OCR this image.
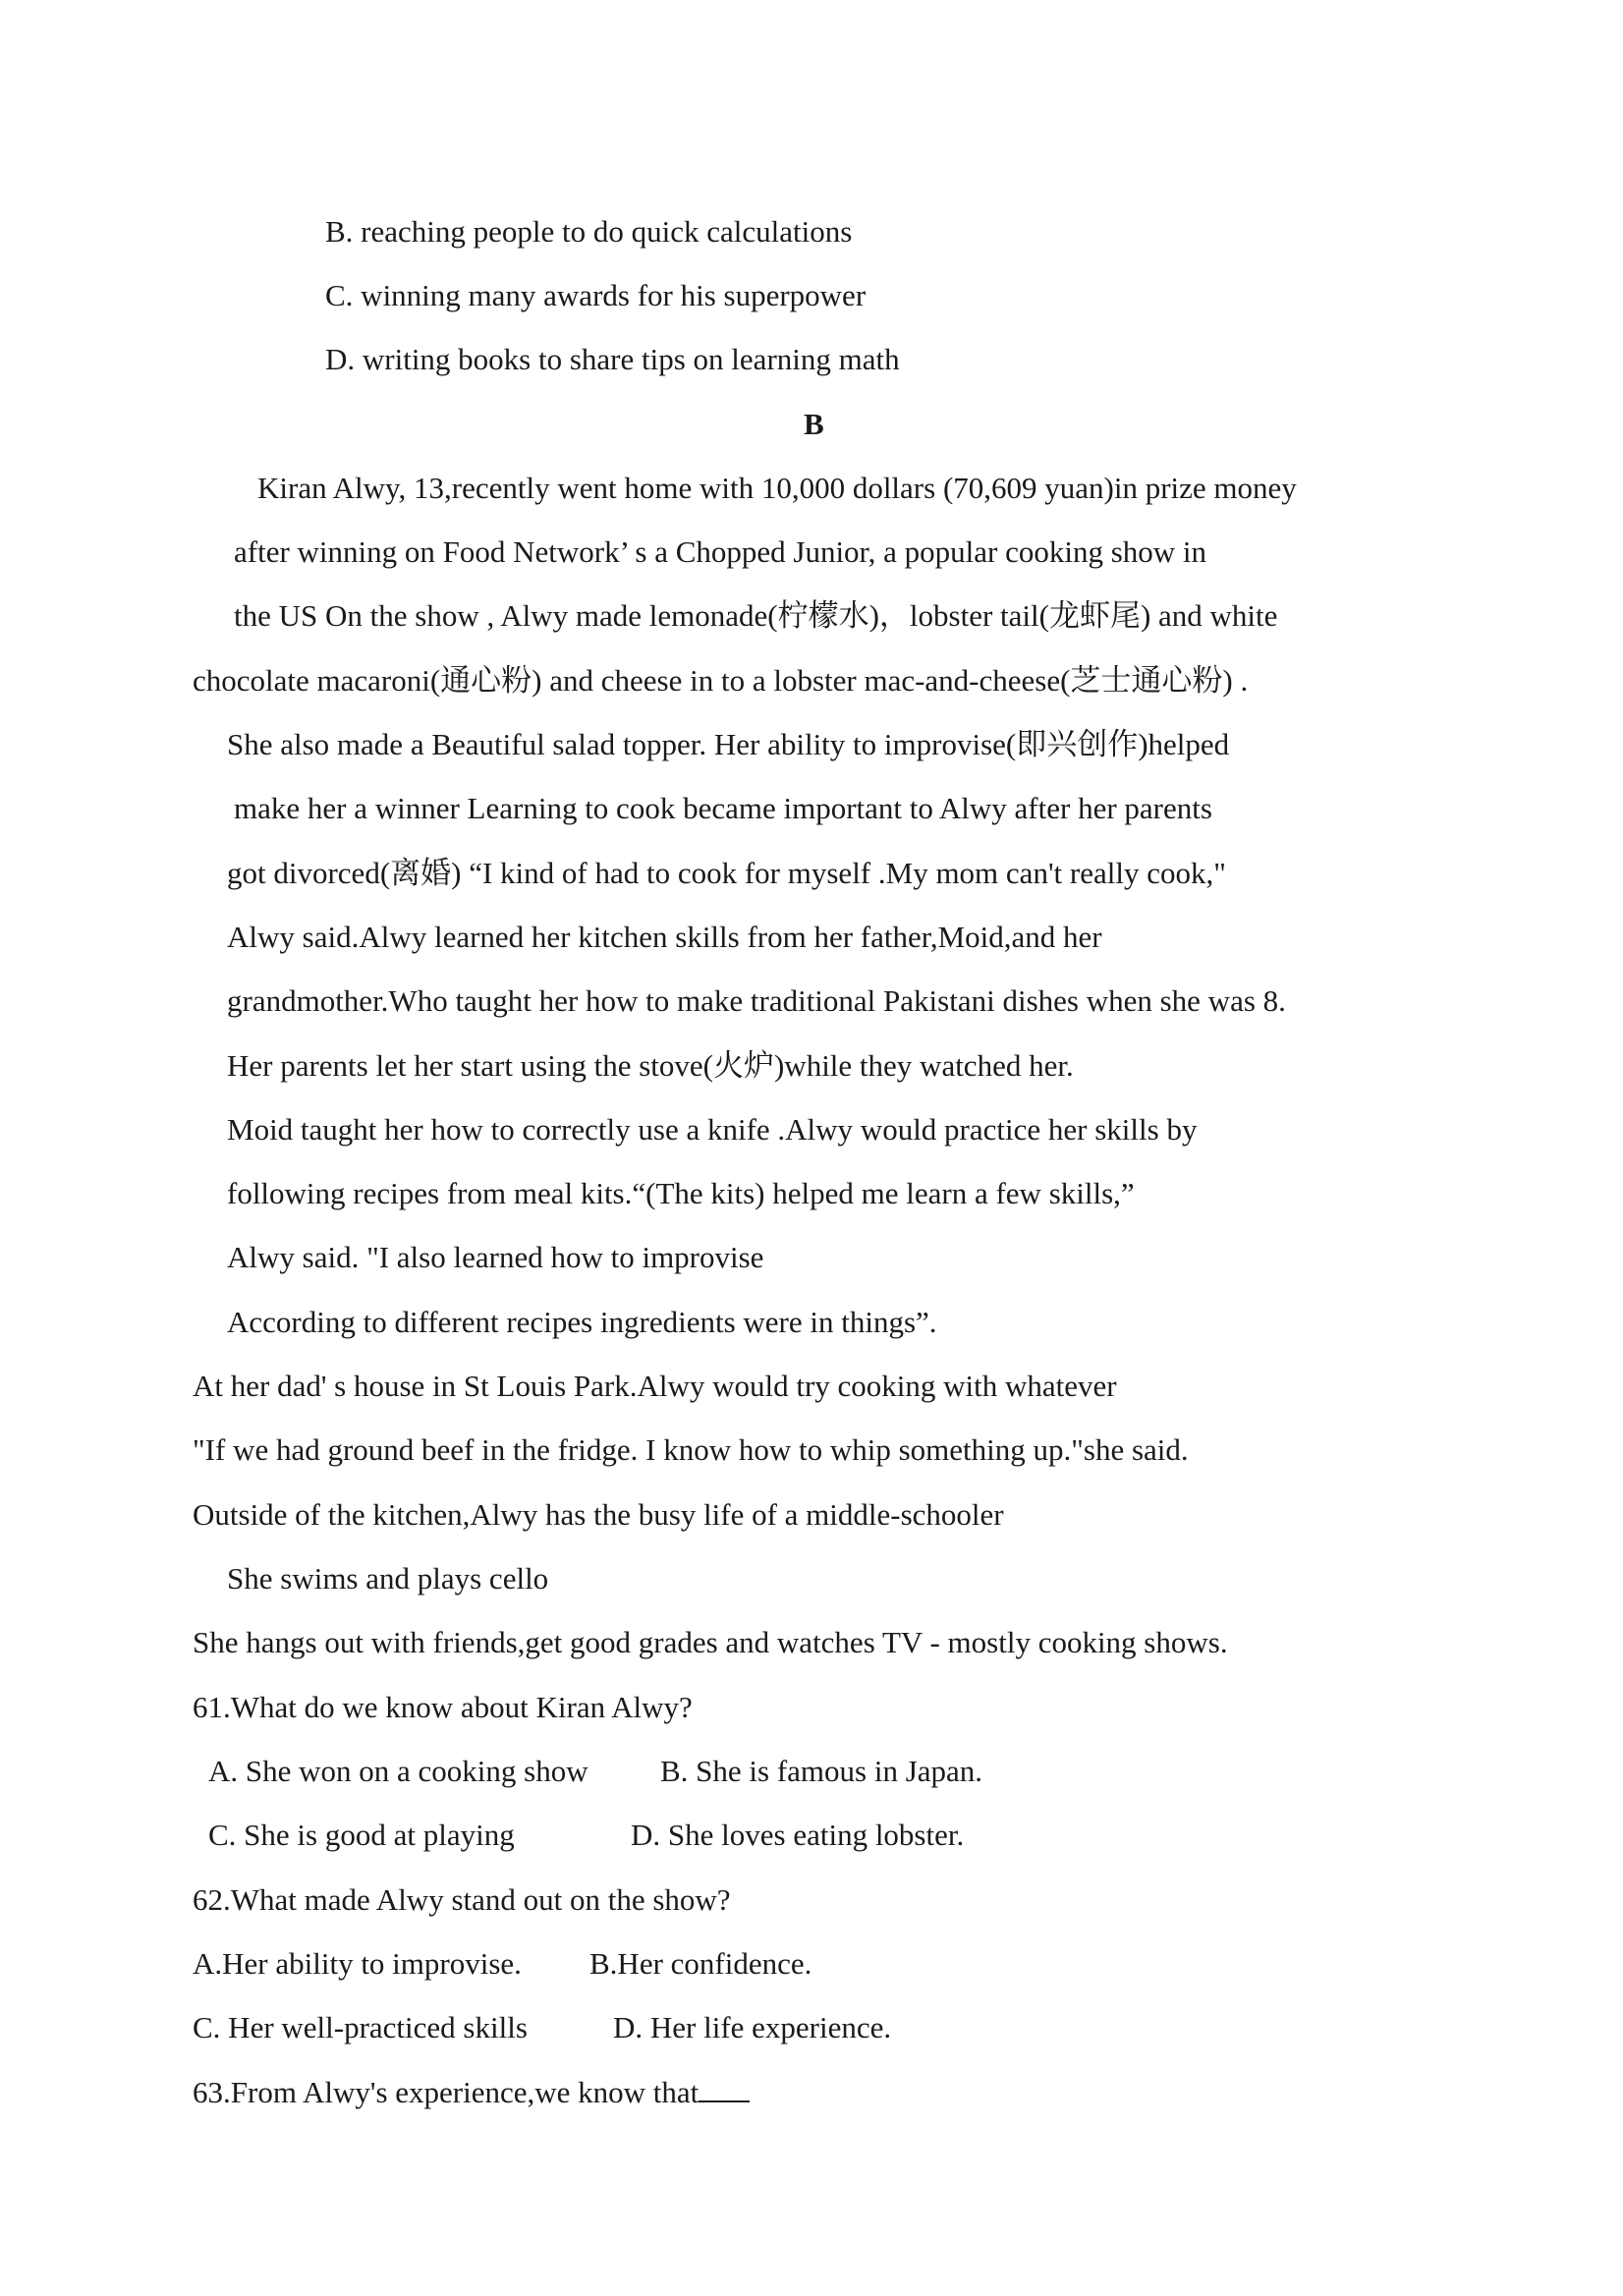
B. reaching people to do quick calculations
C. winning many awards for his superpower
D. writing books to share tips on learning math
B
Kiran Alwy, 13,recently went home with 10,000 dollars (70,609 yuan)in prize money
after winning on Food Network’ s a Chopped Junior, a popular cooking show in
the US On the show , Alwy made lemonade(柠檬水)，lobster tail(龙虾尾) and white
chocolate macaroni(通心粉) and cheese in to a lobster mac-and-cheese(芝士通心粉) .
She also made a Beautiful salad topper. Her ability to improvise(即兴创作)helped
make her a winner Learning to cook became important to Alwy after her parents
got divorced(离婚) “I kind of had to cook for myself .My mom can't really cook,"
Alwy said.Alwy learned her kitchen skills from her father,Moid,and her
grandmother.Who taught her how to make traditional Pakistani dishes when she was 8.
Her parents let her start using the stove(火炉)while they watched her.
Moid taught her how to correctly use a knife .Alwy would practice her skills by
following recipes from meal kits.“(The kits) helped me learn a few skills,”
Alwy said. "I also learned how to improvise
According to different recipes ingredients were in things”.
At her dad' s house in St Louis Park.Alwy would try cooking with whatever
"If we had ground beef in the fridge. I know how to whip something up."she said.
Outside of the kitchen,Alwy has the busy life of a middle-schooler
She swims and plays cello
She hangs out with friends,get good grades and watches TV - mostly cooking shows.
61.What do we know about Kiran Alwy?
A. She won on a cooking show B. She is famous in Japan.
C. She is good at playing	D. She loves eating lobster.
62.What made Alwy stand out on the show?
A.Her ability to improvise. B.Her confidence.
C. Her well-practiced skills	D. Her life experience.
63.From Alwy's experience,we know that
